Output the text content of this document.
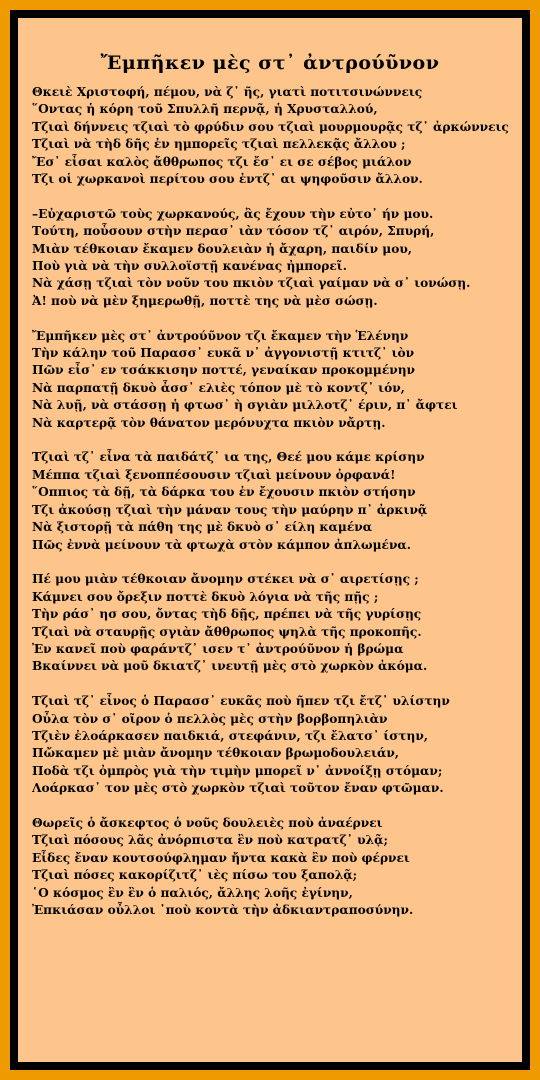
Ἔμπῆκεν μὲς στ᾽ ἀντρούῦνον
Θκειὲ Χριστοφή, πέμου, νὰ ζ᾽ ῆς, γιατὶ ποτιτσινώννεις
῞Οντας ἡ κόρη τοῦ Σπυλλῆ περνᾷ, ἡ Χρυσταλλού,
Τζιαὶ δήννεις τζιαὶ τὸ φρύδιν σου τζιαὶ μουρμουρᾷς τζ᾽ ἀρκώννεις
Τζιαὶ νὰ τὴδ δῆς ἐν ημπορεῖς τζιαὶ πελλεκᾷς ἄλλου ;
Ἔσ᾽ εἶσαι καλὸς ἄθθρωπος τζι ἔσ᾽ ει σε σέβος μιάλον
Τζι οἱ χωρκανοὶ περίτου σου ἐντζ᾽ αι ψηφοῦσιν ἄλλον.
–Εὐχαριστῶ τοὺς χωρκανούς, ἂς ἔχουν τὴν εὐτο᾽ ήν μου.
Τούτη, ποὖσουν στὴν περασ᾽ ιὰν τόσον τζ᾽ αιρόν, Σπυρή,
Μιὰν τέθκοιαν ἔκαμεν δουλειὰν ἡ ἄχαρη, παιδίν μου,
Ποὺ γιὰ νὰ τὴν συλλοϊστῇ κανένας ἠμπορεῖ.
Νὰ χάσῃ τζιαὶ τὸν νοῦν του πκιὸν τζιαὶ γαίμαν νὰ σ᾽ ιονώσῃ.
Ἀ! ποὺ νὰ μὲν ξημερωθῇ, ποττὲ της νὰ μὲσ σώσῃ.
Ἔμπῆκεν μὲς στ᾽ ἀντρούῦνον τζι ἔκαμεν τὴν Ἑλένην
Τὴν κάλην τοῦ Παρασσ᾽ ευκᾶ ν᾽ ἀγγονιστῇ κτιτζ᾽ ιὸν
Πῶν εἶσ᾽ εν τσάκκισην ποττέ, γεναίκαν προκομμένην
Νὰ παρπατῇ δκυὸ ἆσσ᾽ ελιὲς τόπον μὲ τὸ κοντζ᾽ ιόν,
Νὰ λυῇ, νὰ στάσσῃ ἡ φτωσ᾽ ὴ σγιὰν μιλλοτζ᾽ έριν, π᾽ ἄφτει
Νὰ καρτερᾷ τὸν θάνατον μερόνυχτα πκιὸν νἄρτῃ.
Τζιαὶ τζ᾽ εἶνα τὰ παιδάτζ᾽ ια της, Θεέ μου κάμε κρίσην
Μέππα τζιαὶ ξενοππέσουσιν τζιαὶ μείνουν ὀρφανά!
῞Οππιος τὰ δῇ, τὰ δάρκα του ἐν ἔχουσιν πκιὸν στήσην
Τζι ἀκούσῃ τζιαὶ τὴν μάναν τους τὴν μαύρην π᾽ ἀρκινᾷ
Νὰ ξιστορῇ τὰ πάθη της μὲ δκυὸ σ᾽ είλη καμένα
Πῶς ἐννὰ μείνουν τὰ φτωχὰ στὸν κάμπον ἀπλωμένα.
Πέ μου μιὰν τέθκοιαν ἄνομην στέκει νὰ σ᾽ αιρετίσῃς ;
Κάμνει σου ὄρεξιν ποττὲ δκυὸ λόγια νὰ τῆς πῇς ;
Τὴν ράσ᾽ ησ σου, ὄντας τὴδ δῇς, πρέπει νὰ τῆς γυρίσῃς
Τζιαὶ νὰ σταυρῇς σγιὰν ἄθθρωπος ψηλὰ τῆς προκοπῆς.
Ἐν κανεῖ ποὺ φαράντζ᾽ ισεν τ᾽ ἀντρούῦνον ἡ βρώμα
Βκαίννει νὰ μοῦ δκιατζ᾽ ινευτῇ μὲς στὸ χωρκὸν ἀκόμα.
Τζιαὶ τζ᾽ εἶνος ὁ Παρασσ᾽ ευκᾶς ποὺ ῆπεν τζι ἔτζ᾽ υλίστην
Οὖλα τὸν σ᾽ οῖρον ὁ πελλὸς μὲς στὴν βορβοπηλιὰν
Τζιὲν ἐλοάρκασεν παιδκιά, στεφάνιν, τζι ἔλατσ᾽ ίστην,
Πὤκαμεν μὲ μιὰν ἄνομην τέθκοιαν βρωμοδουλειάν,
Ποδὰ τζι ὀμπρὸς γιὰ τὴν τιμὴν μπορεῖ ν᾽ ἀννοίξῃ στόμαν;
Λοάρκασ᾽ τον μὲς στὸ χωρκὸν τζιαὶ τοῦτον ἔναν φτῶμαν.
Θωρεῖς ὁ ἄσκεφτος ὁ νοῦς δουλειὲς ποὺ ἀναέρνει
Τζιαὶ πόσους λᾶς ἀνόρπιστα ἒν ποὺ κατρατζ᾽ υλᾷ;
Εἶδες ἔναν κουτσούφλημαν ἤντα κακὰ ἒν ποὺ φέρνει
Τζιαὶ πόσες κακορίζιτζ᾽ ιὲς πίσω του ξαπολᾷ;
῾Ο κόσμος ἒν ἒν ὁ παλιός, ἄλλης λοῆς ἐγίνην,
Ἐπκιάσαν οὖλλοι ᾽ποὺ κοντὰ τὴν ἀδκιαντραποσύνην.
